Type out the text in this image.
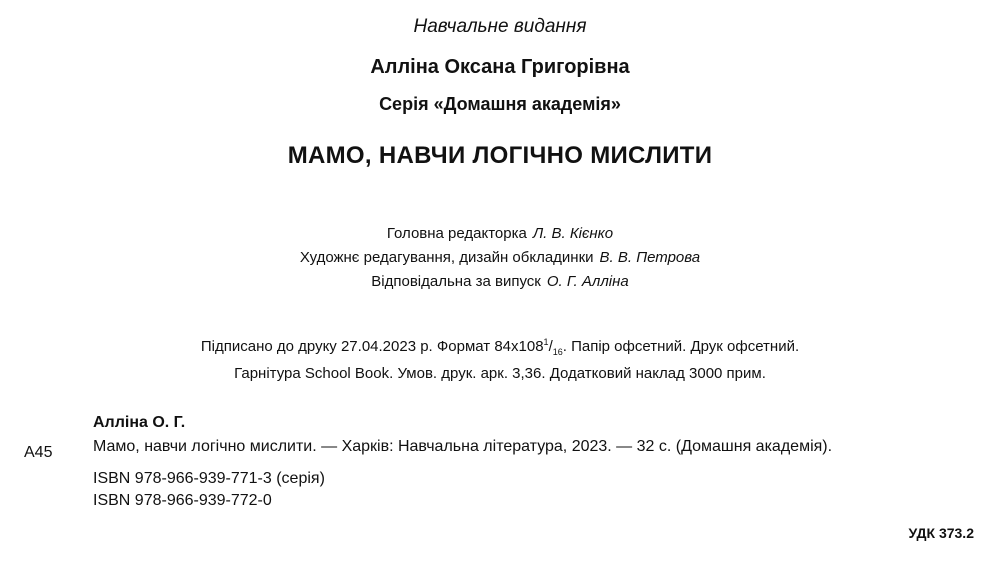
Навчальне видання
Алліна Оксана Григорівна
Серія «Домашня академія»
МАМО, НАВЧИ ЛОГІЧНО МИСЛИТИ
Головна редакторка Л. В. Кієнко
Художнє редагування, дизайн обкладинки В. В. Петрова
Відповідальна за випуск О. Г. Алліна
Підписано до друку 27.04.2023 р. Формат $84x108^1/_{16}$. Папір офсетний. Друк офсетний.
Гарнітура School Book. Умов. друк. арк. 3,36. Додатковий наклад 3000 прим.
А45
Алліна О. Г.
Мамо, навчи логічно мислити. — Харків: Навчальна література, 2023. — 32 с. (Домашня академія).
ISBN 978-966-939-771-3 (серія)
ISBN 978-966-939-772-0
УДК 373.2
